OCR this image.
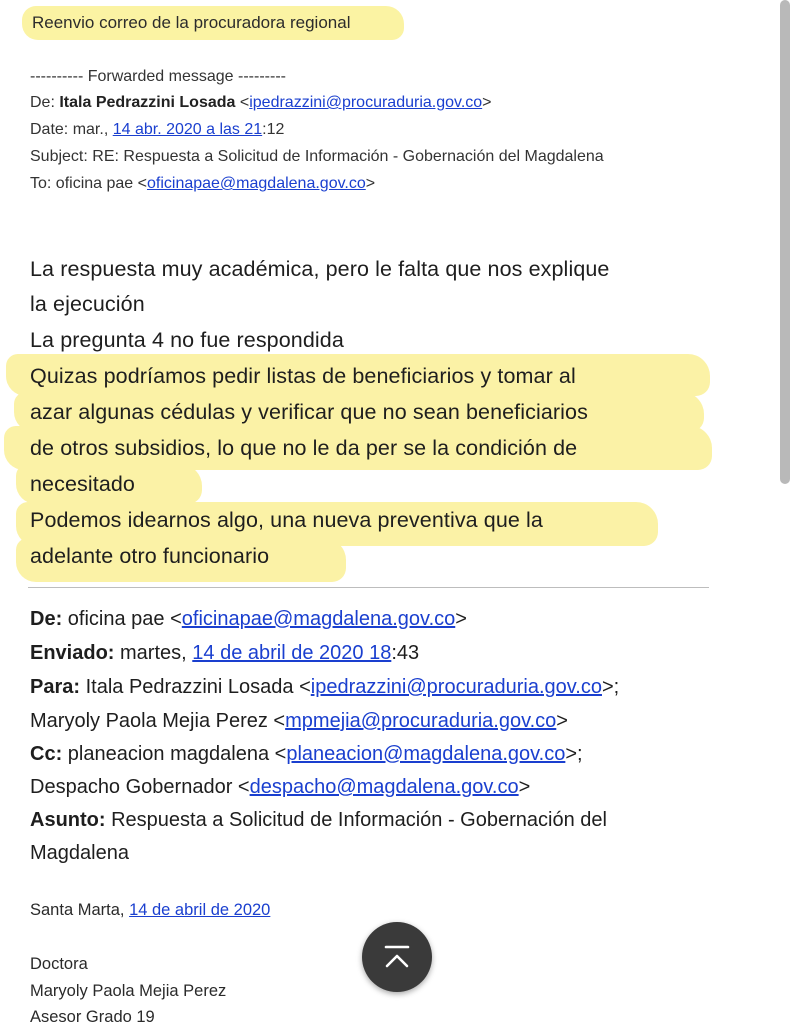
Reenvio correo de la procuradora regional
---------- Forwarded message ---------
De: Itala Pedrazzini Losada <ipedrazzini@procuraduria.gov.co>
Date: mar., 14 abr. 2020 a las 21:12
Subject: RE: Respuesta a Solicitud de Información - Gobernación del Magdalena
To: oficina pae <oficinapae@magdalena.gov.co>
La respuesta muy académica, pero le falta que nos explique
la ejecución
La pregunta 4 no fue respondida
Quizas podríamos pedir listas de beneficiarios y tomar al
azar algunas cédulas y verificar que no sean beneficiarios
de otros subsidios, lo que no le da per se la condición de
necesitado
Podemos idearnos algo, una nueva preventiva que la
adelante otro funcionario
De: oficina pae <oficinapae@magdalena.gov.co>
Enviado: martes, 14 de abril de 2020 18:43
Para: Itala Pedrazzini Losada <ipedrazzini@procuraduria.gov.co>;
Maryoly Paola Mejia Perez <mpmejia@procuraduria.gov.co>
Cc: planeacion magdalena <planeacion@magdalena.gov.co>;
Despacho Gobernador <despacho@magdalena.gov.co>
Asunto: Respuesta a Solicitud de Información - Gobernación del
Magdalena
Santa Marta, 14 de abril de 2020
Doctora
Maryoly Paola Mejia Perez
Asesor Grado 19
